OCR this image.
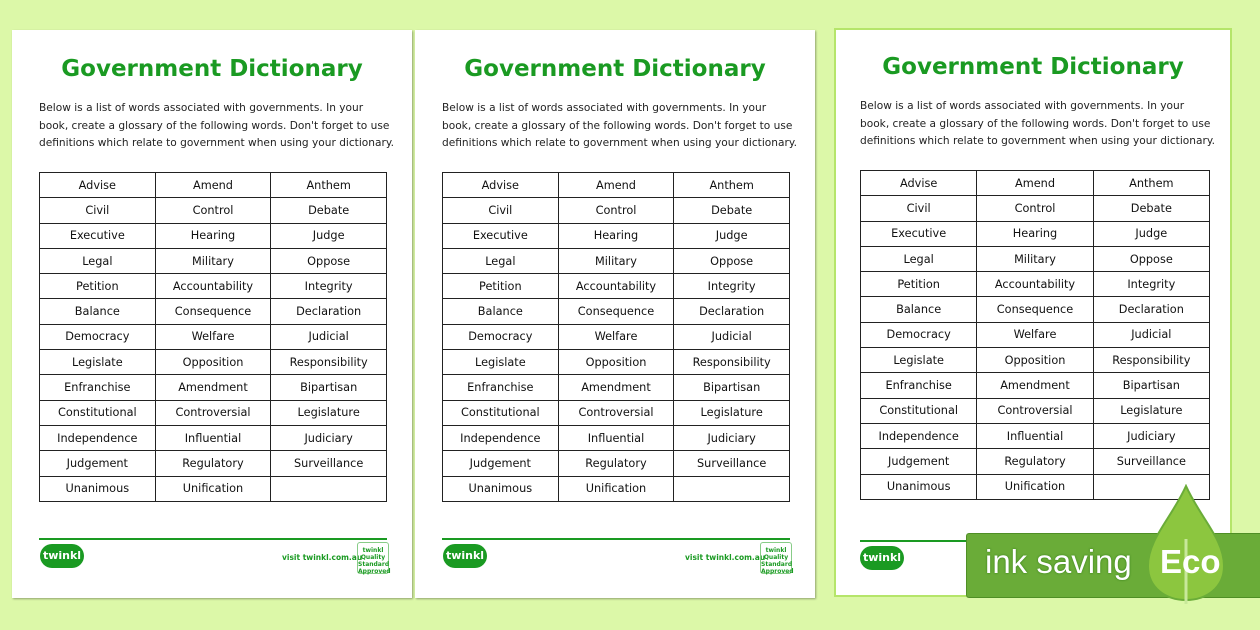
Government Dictionary
Below is a list of words associated with governments. In your book, create a glossary of the following words. Don't forget to use definitions which relate to government when using your dictionary.
Advise	Amend	Anthem
Civil	Control	Debate
Executive	Hearing	Judge
Legal	Military	Oppose
Petition	Accountability	Integrity
Balance	Consequence	Declaration
Democracy	Welfare	Judicial
Legislate	Opposition	Responsibility
Enfranchise	Amendment	Bipartisan
Constitutional	Controversial	Legislature
Independence	Influential	Judiciary
Judgement	Regulatory	Surveillance
Unanimous	Unification	
twinkl	visit twinkl.com.au
twinkl Quality Standard Approved
Government Dictionary
Below is a list of words associated with governments. In your book, create a glossary of the following words. Don't forget to use definitions which relate to government when using your dictionary.
Advise	Amend	Anthem
Civil	Control	Debate
Executive	Hearing	Judge
Legal	Military	Oppose
Petition	Accountability	Integrity
Balance	Consequence	Declaration
Democracy	Welfare	Judicial
Legislate	Opposition	Responsibility
Enfranchise	Amendment	Bipartisan
Constitutional	Controversial	Legislature
Independence	Influential	Judiciary
Judgement	Regulatory	Surveillance
Unanimous	Unification	
twinkl	visit twinkl.com.au
twinkl Quality Standard Approved
Government Dictionary
Below is a list of words associated with governments. In your book, create a glossary of the following words. Don't forget to use definitions which relate to government when using your dictionary.
Advise	Amend	Anthem
Civil	Control	Debate
Executive	Hearing	Judge
Legal	Military	Oppose
Petition	Accountability	Integrity
Balance	Consequence	Declaration
Democracy	Welfare	Judicial
Legislate	Opposition	Responsibility
Enfranchise	Amendment	Bipartisan
Constitutional	Controversial	Legislature
Independence	Influential	Judiciary
Judgement	Regulatory	Surveillance
Unanimous	Unification	
twinkl	ink saving Eco
